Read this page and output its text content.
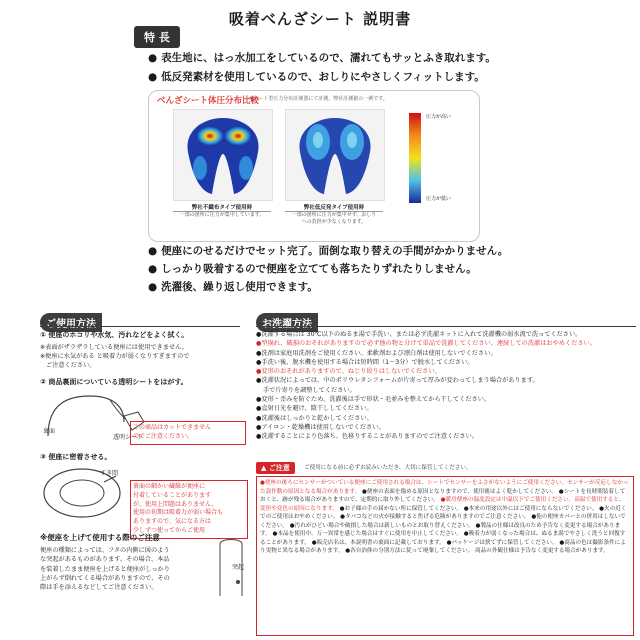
吸着べんざシート 説明書
特 長
● 表生地に、はっ水加工をしているので、濡れてもサッとふき取れます。
● 低反発素材を使用しているので、おしりにやさしくフィットします。
べんざシート体圧分布比較
※シート型圧力分布計測器にて計測。弊社計測値の一例です。
圧力が高い
圧力が低い
弊社不織布タイプ使用時
一部の箇所に圧力が集中しています。
弊社低反発タイプ使用時
一部の箇所に圧力が集中せず、おしり
への負担が少なくなります。
● 便座にのせるだけでセット完了。面倒な取り替えの手間がかかりません。
● しっかり吸着するので便座を立てても落ちたりずれたりしません。
● 洗濯後、繰り返し使用できます。
ご使用方法
① 便座のホコリや水気、汚れなどをよく拭く。
※表面がザラザラしている便座には使用できません。
※便座に水気がある と吸着力が弱くなりすぎますので
ご注意ください。
② 商品裏面についている透明シートをはがす。
裏面
透明シート
この商品はカットできません
のでご注意ください。
③ 便座に密着させる。
すき間
裏面の細かい繊維が便座に
付着していることがあります
が、使用上問題はありません。
使用の初期は吸着力が弱い場合も
ありますので、気になる方は
少しずつ使ってからご使用
※便座を上げて使用する際のご注意
便座の種類によっては、フタの内側に図のよう
な突起があるものがあります。その場合、本品
を装着したまま便座を上げると便座がしっかり
上がらず倒れてくる場合がありますので、その
際は手を添えるなどしてご注意ください。
突起
お洗濯方法
●洗濯する場合は 30℃以下のぬるま湯で手洗い、または必ず洗濯ネットに入れて洗濯機の弱水流で洗ってください。
●型崩れ、破損のおそれがありますので必ず他の物と分けて単品で洗濯してください。連続しての洗濯はおやめください。
●洗剤は家庭用洗剤をご使用ください。柔軟剤および漂白剤は使用しないでください。
●手洗い後、脱水機を使用する場合は短時間（1～3分）で脱水してください。
●変形のおそれがありますので、ねじり絞りはしないでください。
●洗濯状況によっては、中のポリウレタンフォームが片寄って厚みが変わってしまう場合があります。
手で片寄りを調整してください。
●変形・歪みを防ぐため、洗濯後は手で形状・毛並みを整えてから干してください。
●直射日光を避け、陰干ししてください。
●洗濯後はしっかりと乾かしてください。
●アイロン・乾燥機は使用しないでください。
●洗濯することにより色落ち、色移りすることがありますのでご注意ください。
▲ ご注意	ご使用になる前に必ずお読みいただき、大切に保管してください。
●便座の後ろにセンサーがついている便座にご使用される場合は、シートでセンサーをふさがないようにご使用ください。センサーが反応しなかった誤作動の原因となる場合があります。 ●便座の表面を傷める原因となりますので、使用後はよく乾かしてください。 ●シートを長時間装着しておくと、跡が残る場合がありますので、定期的に取り外してください。 ●暖房便座の温度設定は中温以下でご使用ください。高温で使用すると、変形や変色の原因になります。 ●お子様の手の届かない所に保管してください。 ●本来の用途以外にはご使用にならないでください。 ●火の近くでのご使用はおやめください。 ●タバコなどの火が接触すると焦げる危険がありますのでご注意ください。 ●他の便座カバーとの併用はしないでください。 ●汚れがひどい場合や破損した場合は新しいものとお取り替えください。 ●製品の仕様は改良のため予告なく変更する場合があります。 ●本品を使用中、万一異常を感じた場合はすぐに使用を中止してください。 ●吸着力が弱くなった場合は、ぬるま湯でやさしく洗うと回復することがあります。 ●販売店名は、本説明書の裏面に記載しております。 ●パッケージは捨てずに保管してください。 ●商品の色は撮影条件により実物と異なる場合があります。 ●各自治体の分別方法に従って廃棄してください。 商品の外観仕様は予告なく変更する場合があります。
